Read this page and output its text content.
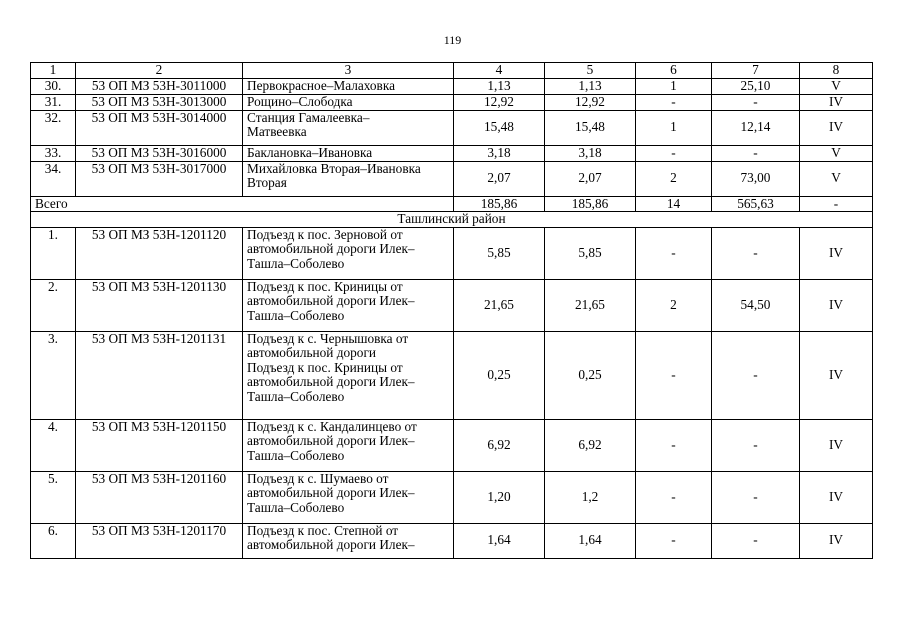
119
1	2	3	4	5	6	7	8
30.	53 ОП МЗ 53Н-3011000	Первокрасное–Малаховка	1,13	1,13	1	25,10	V
31.	53 ОП МЗ 53Н-3013000	Рощино–Слободка	12,92	12,92	-	-	IV
32.	53 ОП МЗ 53Н-3014000	Станция Гамалеевка–
Матвеевка	15,48	15,48	1	12,14	IV
33.	53 ОП МЗ 53Н-3016000	Баклановка–Ивановка	3,18	3,18	-	-	V
34.	53 ОП МЗ 53Н-3017000	Михайловка Вторая–Ивановка
Вторая	2,07	2,07	2	73,00	V
Всего			185,86	185,86	14	565,63	-
Ташлинский район							
1.	53 ОП МЗ 53Н-1201120	Подъезд к пос. Зерновой от
автомобильной дороги Илек–
Ташла–Соболево	5,85	5,85	-	-	IV
2.	53 ОП МЗ 53Н-1201130	Подъезд к пос. Криницы от
автомобильной дороги Илек–
Ташла–Соболево	21,65	21,65	2	54,50	IV
3.	53 ОП МЗ 53Н-1201131	Подъезд к с. Чернышовка от
автомобильной дороги
Подъезд к пос. Криницы от
автомобильной дороги Илек–
Ташла–Соболево	0,25	0,25	-	-	IV
4.	53 ОП МЗ 53Н-1201150	Подъезд к с. Кандалинцево от
автомобильной дороги Илек–
Ташла–Соболево	6,92	6,92	-	-	IV
5.	53 ОП МЗ 53Н-1201160	Подъезд к с. Шумаево от
автомобильной дороги Илек–
Ташла–Соболево	1,20	1,2	-	-	IV
6.	53 ОП МЗ 53Н-1201170	Подъезд к пос. Степной от
автомобильной дороги Илек–	1,64	1,64	-	-	IV
